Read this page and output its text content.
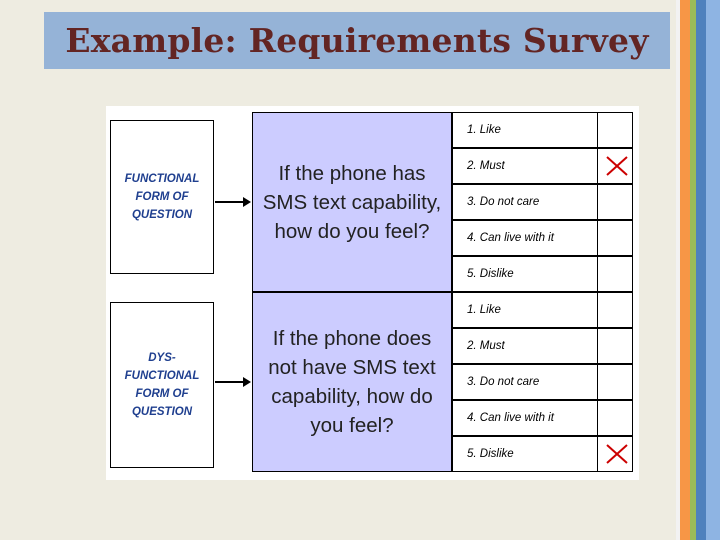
Example: Requirements Survey
FUNCTIONAL
FORM OF
QUESTION
DYS-
FUNCTIONAL
FORM OF
QUESTION
If the phone has SMS text capability, how do you feel?
If the phone does not have SMS text capability, how do you feel?
1. Like
2. Must
3. Do not care
4. Can live with it
5. Dislike
1. Like
2. Must
3. Do not care
4. Can live with it
5. Dislike
